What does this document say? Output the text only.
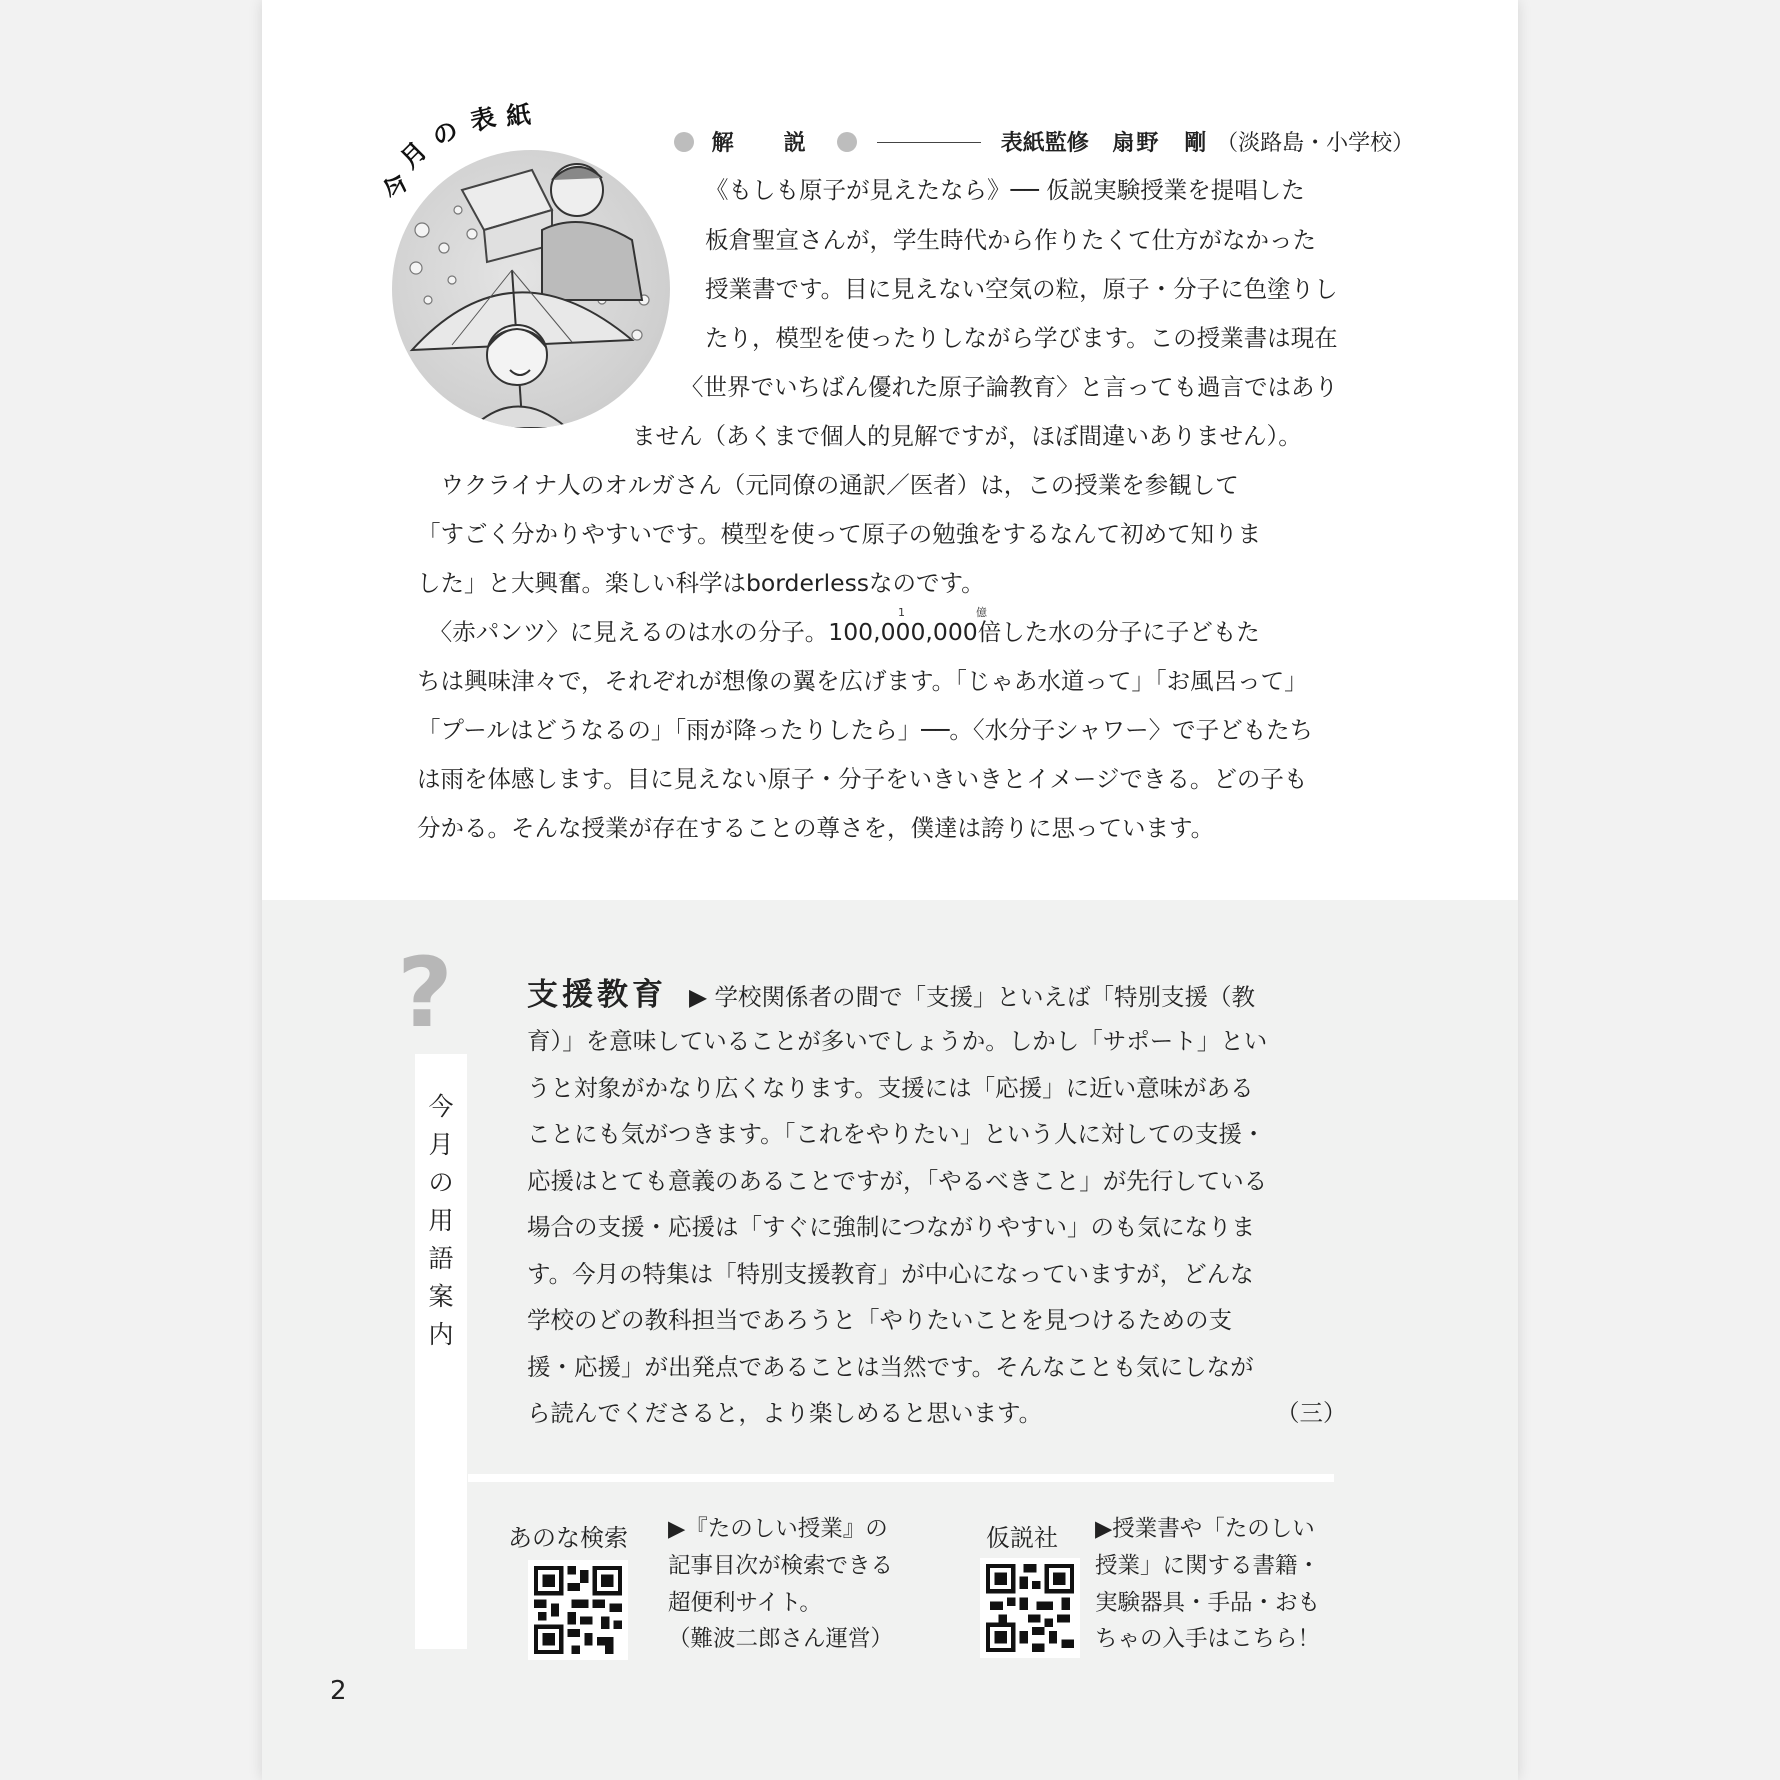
今
月
の 表 紙
解　説	表紙監修 扇野　剛 （淡路島・小学校）
《もしも原子が見えたなら》── 仮説実験授業を提唱した
板倉聖宣さんが，学生時代から作りたくて仕方がなかった
授業書です。目に見えない空気の粒，原子・分子に色塗りし
たり，模型を使ったりしながら学びます。この授業書は現在
〈世界でいちばん優れた原子論教育〉と言っても過言ではあり
ません（あくまで個人的見解ですが，ほぼ間違いありません）。
　ウクライナ人のオルガさん（元同僚の通訳／医者）は，この授業を参観して
「すごく分かりやすいです。模型を使って原子の勉強をするなんて初めて知りま
した」と大興奮。楽しい科学はborderlessなのです。
1	億
　〈赤パンツ〉に見えるのは水の分子。100,000,000倍した水の分子に子どもた
ちは興味津々で，それぞれが想像の翼を広げます。「じゃあ水道って」「お風呂って」
「プールはどうなるの」「雨が降ったりしたら」──。〈水分子シャワー〉で子どもたち
は雨を体感します。目に見えない原子・分子をいきいきとイメージできる。どの子も
分かる。そんな授業が存在することの尊さを，僕達は誇りに思っています。
?
今
月
の
用
語
案
内
支援教育 ▶ 学校関係者の間で「支援」といえば「特別支援（教
育）」を意味していることが多いでしょうか。しかし「サポート」とい
うと対象がかなり広くなります。支援には「応援」に近い意味がある
ことにも気がつきます。「これをやりたい」という人に対しての支援・
応援はとても意義のあることですが，「やるべきこと」が先行している
場合の支援・応援は「すぐに強制につながりやすい」のも気になりま
す。今月の特集は「特別支援教育」が中心になっていますが，どんな
学校のどの教科担当であろうと「やりたいことを見つけるための支
援・応援」が出発点であることは当然です。そんなことも気にしなが
ら読んでくださると，より楽しめると思います。	（三）
あのな検索 ▶『たのしい授業』の
記事目次が検索できる
超便利サイト。
（難波二郎さん運営）
仮説社 ▶授業書や「たのしい
授業」に関する書籍・
実験器具・手品・おも
ちゃの入手はこちら！
2
